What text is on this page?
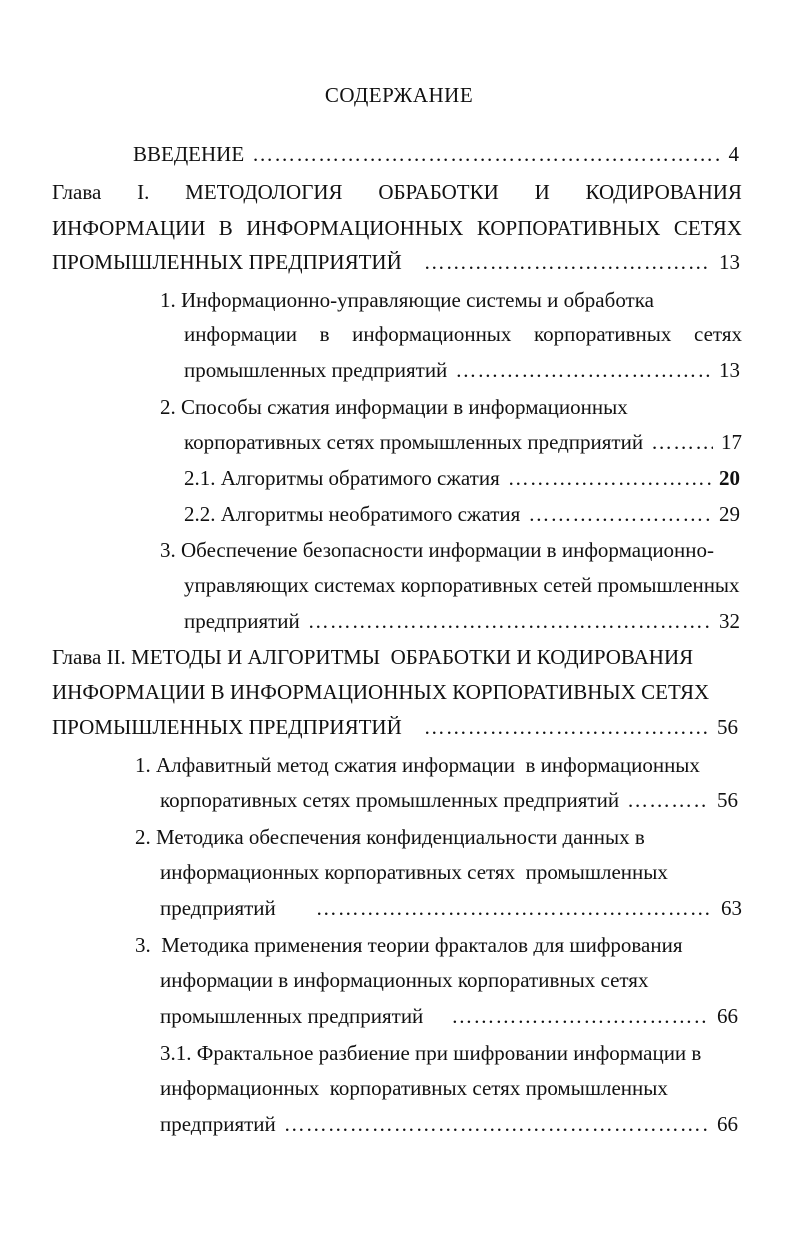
СОДЕРЖАНИЕ
ВВЕДЕНИЕ ………………………………………………………………………………………………………………………………………………………………	4
Глава I. МЕТОДОЛОГИЯ ОБРАБОТКИ И КОДИРОВАНИЯ
ИНФОРМАЦИИ В ИНФОРМАЦИОННЫХ КОРПОРАТИВНЫХ СЕТЯХ
ПРОМЫШЛЕННЫХ ПРЕДПРИЯТИЙ ………………………………………………………………………………………………………………………………………………………………	13
1. Информационно-управляющие системы и обработка
информации в информационных корпоративных сетях
промышленных предприятий ………………………………………………………………………………………………………………………………………………………………	13
2. Способы сжатия информации в информационных
корпоративных сетях промышленных предприятий ………………………………………………………………………………………………………………………………………………………………	17
2.1. Алгоритмы обратимого сжатия ………………………………………………………………………………………………………………………………………………………………	20
2.2. Алгоритмы необратимого сжатия ………………………………………………………………………………………………………………………………………………………………	29
3. Обеспечение безопасности информации в информационно-
управляющих системах корпоративных сетей промышленных
предприятий ………………………………………………………………………………………………………………………………………………………………	32
Глава II. МЕТОДЫ И АЛГОРИТМЫ  ОБРАБОТКИ И КОДИРОВАНИЯ
ИНФОРМАЦИИ В ИНФОРМАЦИОННЫХ КОРПОРАТИВНЫХ СЕТЯХ
ПРОМЫШЛЕННЫХ ПРЕДПРИЯТИЙ ………………………………………………………………………………………………………………………………………………………………	56
1. Алфавитный метод сжатия информации  в информационных
корпоративных сетях промышленных предприятий ………………………………………………………………………………………………………………………………………………………………	56
2. Методика обеспечения конфиденциальности данных в
информационных корпоративных сетях  промышленных
предприятий ………………………………………………………………………………………………………………………………………………………………	63
3.  Методика применения теории фракталов для шифрования
информации в информационных корпоративных сетях
промышленных предприятий ………………………………………………………………………………………………………………………………………………………………	66
3.1. Фрактальное разбиение при шифровании информации в
информационных  корпоративных сетях промышленных
предприятий ………………………………………………………………………………………………………………………………………………………………	66
